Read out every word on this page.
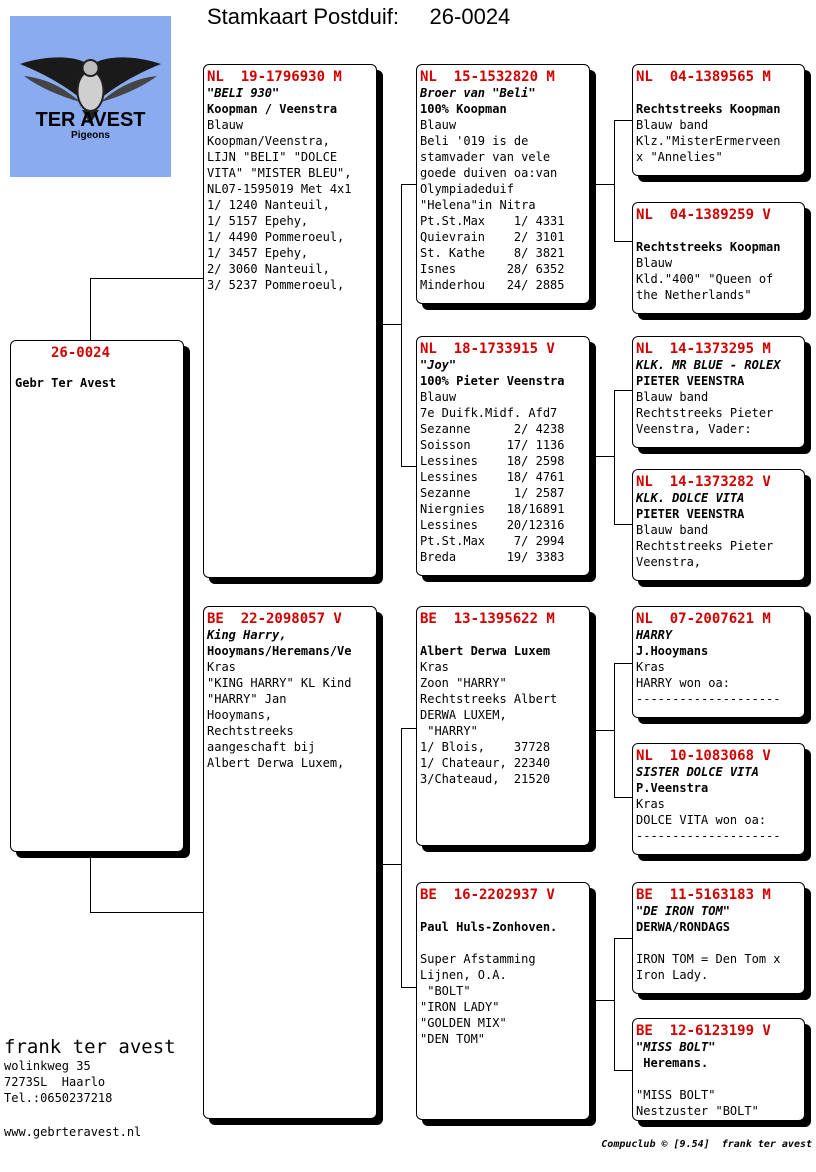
Stamkaart Postduif: 26-0024
TER AVEST
Pigeons
26-0024
Gebr Ter Avest
NL  19-1796930 M
"BELI 930"
Koopman / Veenstra
Blauw
Koopman/Veenstra,
LIJN "BELI" "DOLCE
VITA" "MISTER BLEU",
NL07-1595019 Met 4x1
1/ 1240 Nanteuil,
1/ 5157 Epehy,
1/ 4490 Pommeroeul,
1/ 3457 Epehy,
2/ 3060 Nanteuil,
3/ 5237 Pommeroeul,
BE  22-2098057 V
King Harry,
Hooymans/Heremans/Ve
Kras
"KING HARRY" KL Kind
"HARRY" Jan
Hooymans,
Rechtstreeks
aangeschaft bij
Albert Derwa Luxem,
NL  15-1532820 M
Broer van "Beli"
100% Koopman
Blauw
Beli '019 is de
stamvader van vele
goede duiven oa:van
Olympiadeduif
"Helena"in Nitra
Pt.St.Max    1/ 4331
Quievrain    2/ 3101
St. Kathe    8/ 3821
Isnes       28/ 6352
Minderhou   24/ 2885
NL  18-1733915 V
"Joy"
100% Pieter Veenstra
Blauw
7e Duifk.Midf. Afd7
Sezanne      2/ 4238
Soisson     17/ 1136
Lessines    18/ 2598
Lessines    18/ 4761
Sezanne      1/ 2587
Niergnies   18/16891
Lessines    20/12316
Pt.St.Max    7/ 2994
Breda       19/ 3383
BE  13-1395622 M
Albert Derwa Luxem
Kras
Zoon "HARRY"
Rechtstreeks Albert
DERWA LUXEM,
"HARRY"
1/ Blois,    37728
1/ Chateaur, 22340
3/Chateaud,  21520
BE  16-2202937 V
Paul Huls-Zonhoven.
Super Afstamming
Lijnen, O.A.
"BOLT"
"IRON LADY"
"GOLDEN MIX"
"DEN TOM"
NL  04-1389565 M
Rechtstreeks Koopman
Blauw band
Klz."MisterErmerveen
x "Annelies"
NL  04-1389259 V
Rechtstreeks Koopman
Blauw
Kld."400" "Queen of
the Netherlands"
NL  14-1373295 M
KLK. MR BLUE - ROLEX
PIETER VEENSTRA
Blauw band
Rechtstreeks Pieter
Veenstra, Vader:
NL  14-1373282 V
KLK. DOLCE VITA
PIETER VEENSTRA
Blauw band
Rechtstreeks Pieter
Veenstra,
NL  07-2007621 M
HARRY
J.Hooymans
Kras
HARRY won oa:
--------------------
NL  10-1083068 V
SISTER DOLCE VITA
P.Veenstra
Kras
DOLCE VITA won oa:
--------------------
BE  11-5163183 M
"DE IRON TOM"
DERWA/RONDAGS
IRON TOM = Den Tom x
Iron Lady.
BE  12-6123199 V
"MISS BOLT"
Heremans.
"MISS BOLT"
Nestzuster "BOLT"
frank ter avest
wolinkweg 35
7273SL  Haarlo
Tel.:0650237218
www.gebrteravest.nl
Compuclub © [9.54]  frank ter avest
